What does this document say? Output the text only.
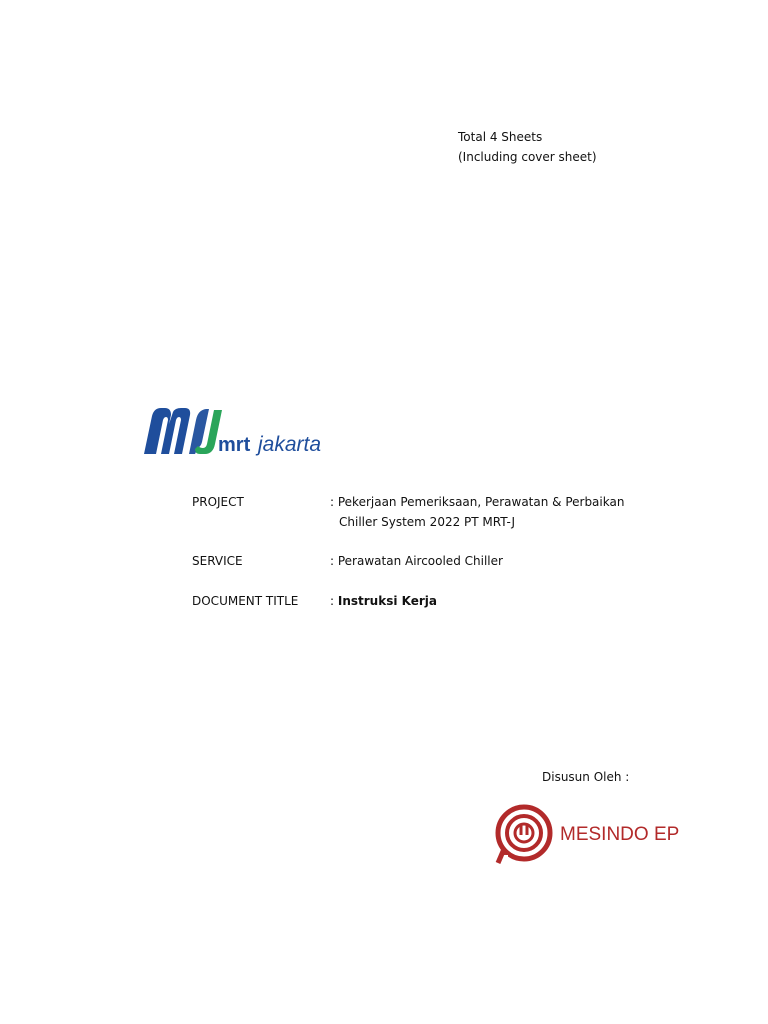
Total 4 Sheets
(Including cover sheet)
mrt jakarta
PROJECT	: Pekerjaan Pemeriksaan, Perawatan & Perbaikan
Chiller System 2022 PT MRT-J
SERVICE	: Perawatan Aircooled Chiller
DOCUMENT TITLE	: Instruksi Kerja
Disusun Oleh :
MESINDO EP
